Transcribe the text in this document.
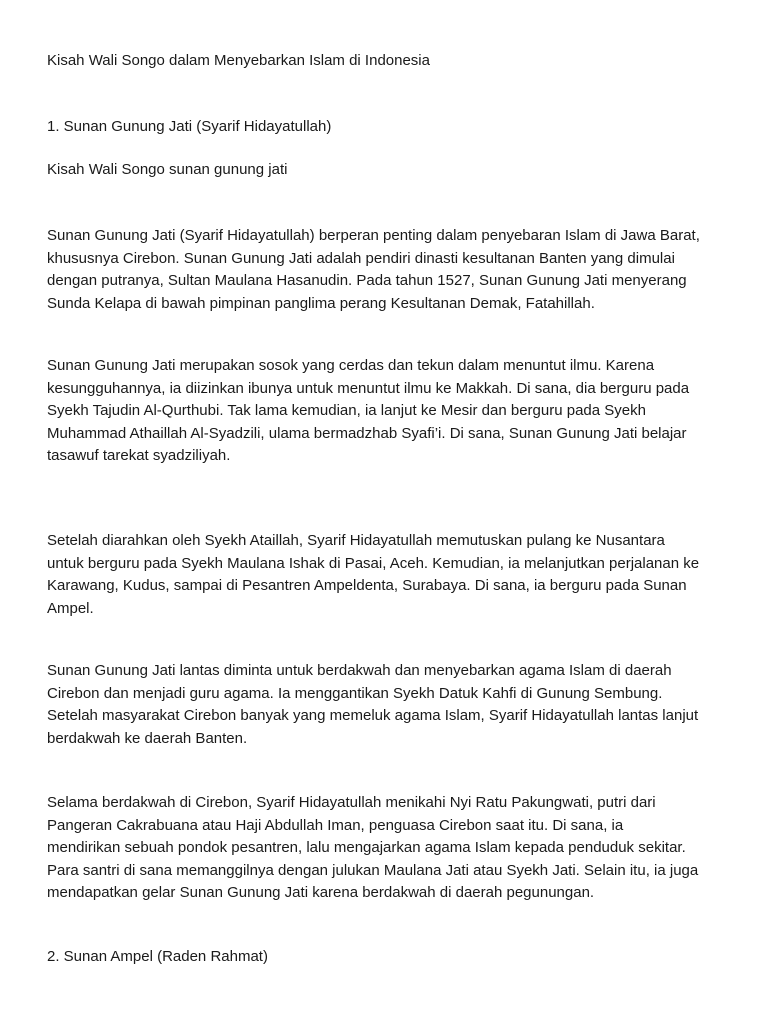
Kisah Wali Songo dalam Menyebarkan Islam di Indonesia

1. Sunan Gunung Jati (Syarif Hidayatullah)

Kisah Wali Songo sunan gunung jati

Sunan Gunung Jati (Syarif Hidayatullah) berperan penting dalam penyebaran Islam di Jawa Barat,
khususnya Cirebon. Sunan Gunung Jati adalah pendiri dinasti kesultanan Banten yang dimulai
dengan putranya, Sultan Maulana Hasanudin. Pada tahun 1527, Sunan Gunung Jati menyerang
Sunda Kelapa di bawah pimpinan panglima perang Kesultanan Demak, Fatahillah.

Sunan Gunung Jati merupakan sosok yang cerdas dan tekun dalam menuntut ilmu. Karena
kesungguhannya, ia diizinkan ibunya untuk menuntut ilmu ke Makkah. Di sana, dia berguru pada
Syekh Tajudin Al-Qurthubi. Tak lama kemudian, ia lanjut ke Mesir dan berguru pada Syekh
Muhammad Athaillah Al-Syadzili, ulama bermadzhab Syafi’i. Di sana, Sunan Gunung Jati belajar
tasawuf tarekat syadziliyah.

Setelah diarahkan oleh Syekh Ataillah, Syarif Hidayatullah memutuskan pulang ke Nusantara
untuk berguru pada Syekh Maulana Ishak di Pasai, Aceh. Kemudian, ia melanjutkan perjalanan ke
Karawang, Kudus, sampai di Pesantren Ampeldenta, Surabaya. Di sana, ia berguru pada Sunan
Ampel.

Sunan Gunung Jati lantas diminta untuk berdakwah dan menyebarkan agama Islam di daerah
Cirebon dan menjadi guru agama. Ia menggantikan Syekh Datuk Kahfi di Gunung Sembung.
Setelah masyarakat Cirebon banyak yang memeluk agama Islam, Syarif Hidayatullah lantas lanjut
berdakwah ke daerah Banten.

Selama berdakwah di Cirebon, Syarif Hidayatullah menikahi Nyi Ratu Pakungwati, putri dari
Pangeran Cakrabuana atau Haji Abdullah Iman, penguasa Cirebon saat itu. Di sana, ia
mendirikan sebuah pondok pesantren, lalu mengajarkan agama Islam kepada penduduk sekitar.
Para santri di sana memanggilnya dengan julukan Maulana Jati atau Syekh Jati. Selain itu, ia juga
mendapatkan gelar Sunan Gunung Jati karena berdakwah di daerah pegunungan.

2. Sunan Ampel (Raden Rahmat)
